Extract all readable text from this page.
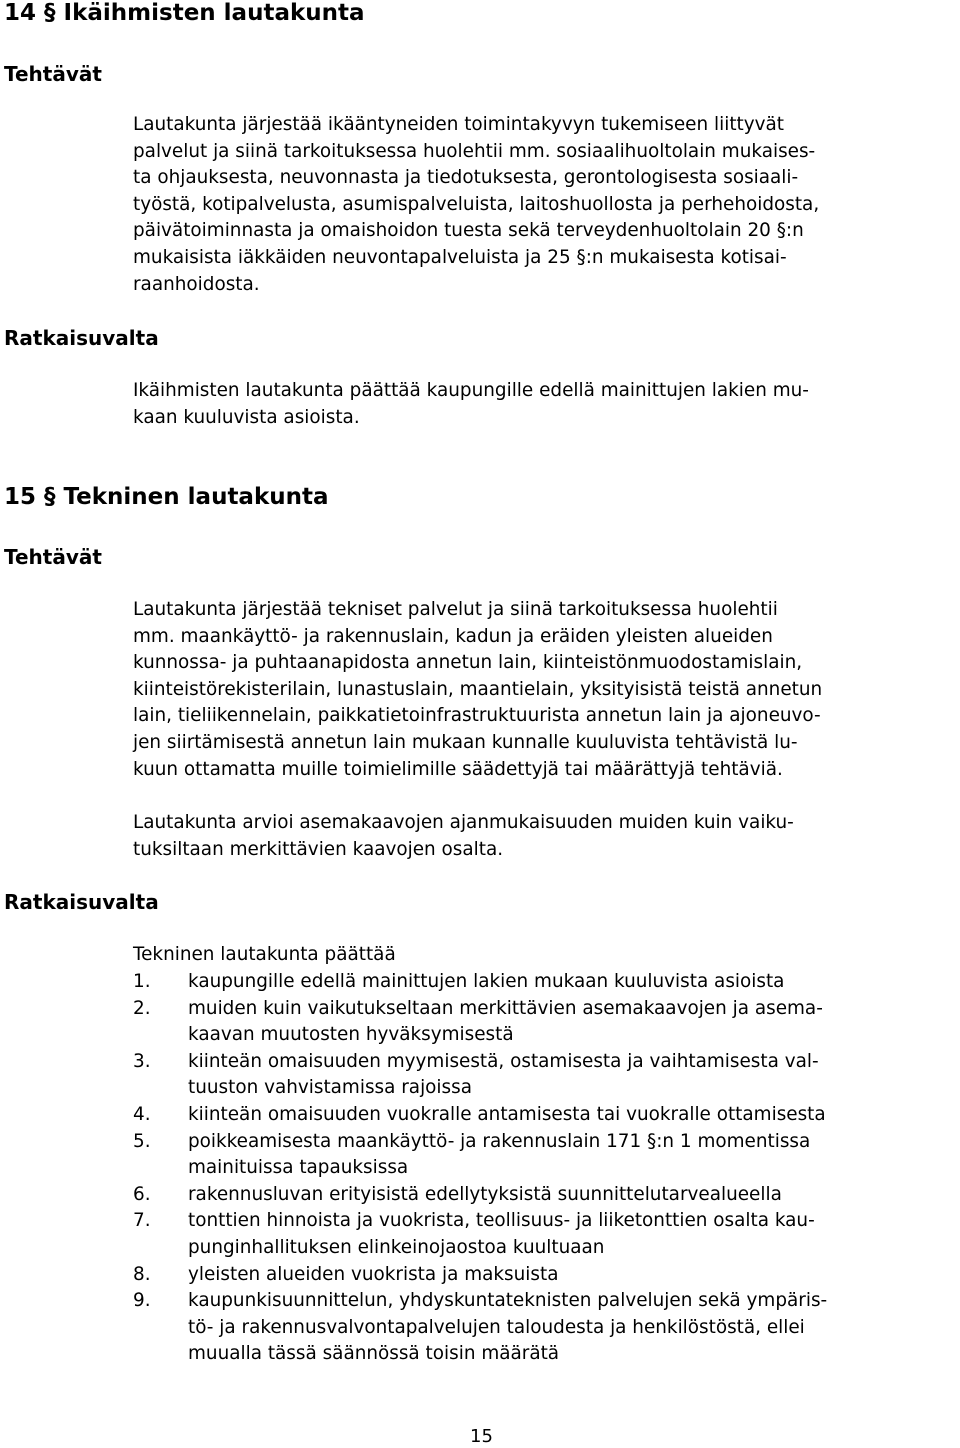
14 § Ikäihmisten lautakunta
Tehtävät
Lautakunta järjestää ikääntyneiden toimintakyvyn tukemiseen liittyvät
palvelut ja siinä tarkoituksessa huolehtii mm. sosiaalihuoltolain mukaises-
ta ohjauksesta, neuvonnasta ja tiedotuksesta, gerontologisesta sosiaali-
työstä, kotipalvelusta, asumispalveluista, laitoshuollosta ja perhehoidosta,
päivätoiminnasta ja omaishoidon tuesta sekä terveydenhuoltolain 20 §:n
mukaisista iäkkäiden neuvontapalveluista ja 25 §:n mukaisesta kotisai-
raanhoidosta.
Ratkaisuvalta
Ikäihmisten lautakunta päättää kaupungille edellä mainittujen lakien mu-
kaan kuuluvista asioista.
15 § Tekninen lautakunta
Tehtävät
Lautakunta järjestää tekniset palvelut ja siinä tarkoituksessa huolehtii
mm. maankäyttö- ja rakennuslain, kadun ja eräiden yleisten alueiden
kunnossa- ja puhtaanapidosta annetun lain, kiinteistönmuodostamislain,
kiinteistörekisterilain, lunastuslain, maantielain, yksityisistä teistä annetun
lain, tieliikennelain, paikkatietoinfrastruktuurista annetun lain ja ajoneuvo-
jen siirtämisestä annetun lain mukaan kunnalle kuuluvista tehtävistä lu-
kuun ottamatta muille toimielimille säädettyjä tai määrättyjä tehtäviä.
Lautakunta arvioi asemakaavojen ajanmukaisuuden muiden kuin vaiku-
tuksiltaan merkittävien kaavojen osalta.
Ratkaisuvalta
Tekninen lautakunta päättää
1. kaupungille edellä mainittujen lakien mukaan kuuluvista asioista
2. muiden kuin vaikutukseltaan merkittävien asemakaavojen ja asema-
kaavan muutosten hyväksymisestä
3. kiinteän omaisuuden myymisestä, ostamisesta ja vaihtamisesta val-
tuuston vahvistamissa rajoissa
4. kiinteän omaisuuden vuokralle antamisesta tai vuokralle ottamisesta
5. poikkeamisesta maankäyttö- ja rakennuslain 171 §:n 1 momentissa
mainituissa tapauksissa
6. rakennusluvan erityisistä edellytyksistä suunnittelutarvealueella
7. tonttien hinnoista ja vuokrista, teollisuus- ja liiketonttien osalta kau-
punginhallituksen elinkeinojaostoa kuultuaan
8. yleisten alueiden vuokrista ja maksuista
9. kaupunkisuunnittelun, yhdyskuntateknisten palvelujen sekä ympäris-
tö- ja rakennusvalvontapalvelujen taloudesta ja henkilöstöstä, ellei
muualla tässä säännössä toisin määrätä
15
